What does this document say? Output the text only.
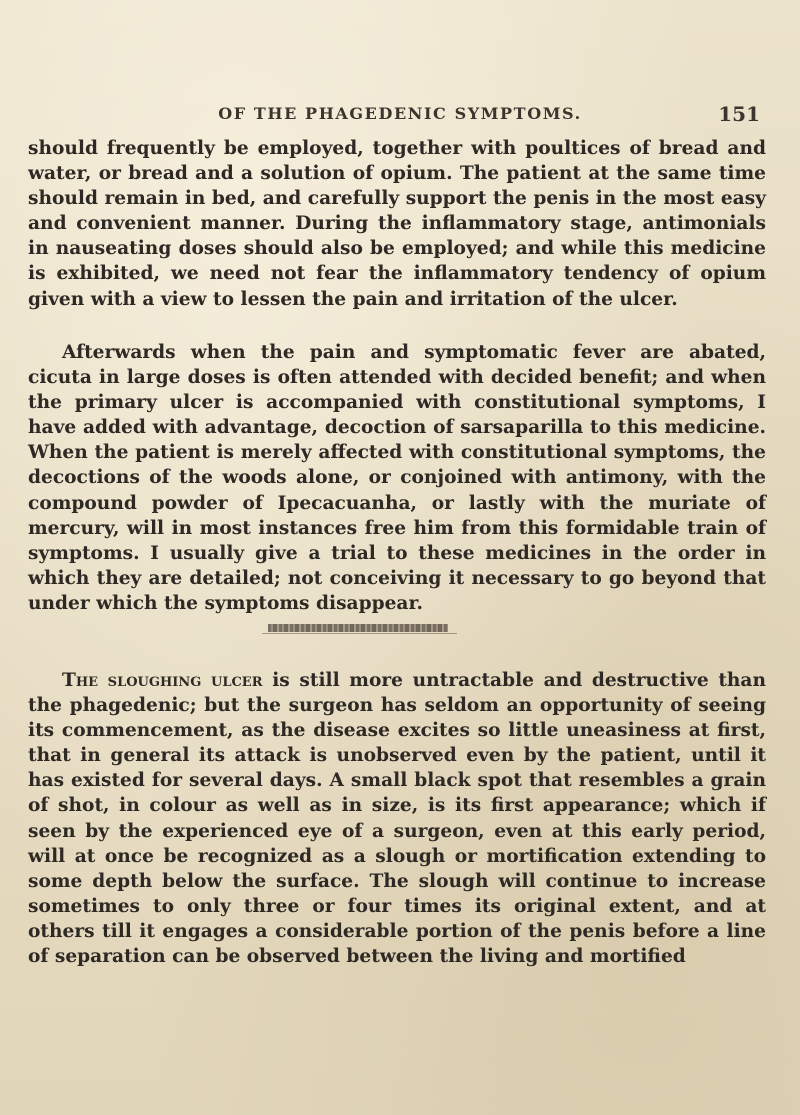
OF THE PHAGEDENIC SYMPTOMS.	151

should frequently be employed, together with poultices of bread and water, or bread and a solution of opium. The patient at the same time should remain in bed, and carefully support the penis in the most easy and convenient manner. During the inflammatory stage, antimonials in nauseating doses should also be employed; and while this medicine is exhibited, we need not fear the inflammatory tendency of opium given with a view to lessen the pain and irritation of the ulcer.

Afterwards when the pain and symptomatic fever are abated, cicuta in large doses is often attended with decided benefit; and when the primary ulcer is accompanied with constitutional symptoms, I have added with advantage, decoction of sarsaparilla to this medicine. When the patient is merely affected with constitutional symptoms, the decoctions of the woods alone, or conjoined with antimony, with the compound powder of Ipecacuanha, or lastly with the muriate of mercury, will in most instances free him from this formidable train of symptoms. I usually give a trial to these medicines in the order in which they are detailed; not conceiving it necessary to go beyond that under which the symptoms disappear.

The sloughing ulcer is still more untractable and destructive than the phagedenic; but the surgeon has seldom an opportunity of seeing its commencement, as the disease excites so little uneasiness at first, that in general its attack is unobserved even by the patient, until it has existed for several days. A small black spot that resembles a grain of shot, in colour as well as in size, is its first appearance; which if seen by the experienced eye of a surgeon, even at this early period, will at once be recognized as a slough or mortification extending to some depth below the surface. The slough will continue to increase sometimes to only three or four times its original extent, and at others till it engages a considerable portion of the penis before a line of separation can be observed between the living and mortified
